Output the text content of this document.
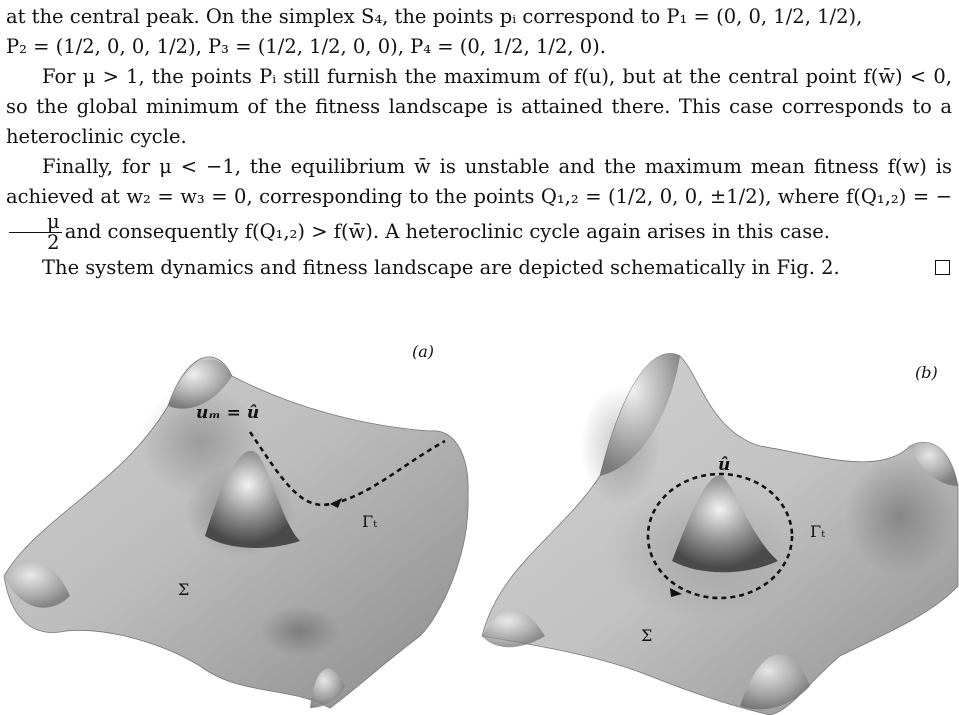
at the central peak. On the simplex S₄, the points pᵢ correspond to P₁ = (0, 0, 1/2, 1/2),
P₂ = (1/2, 0, 0, 1/2), P₃ = (1/2, 1/2, 0, 0), P₄ = (0, 1/2, 1/2, 0).

For μ > 1, the points Pᵢ still furnish the maximum of f(u), but at the central point f(w̄) < 0, so the global minimum of the fitness landscape is attained there. This case corresponds to a heteroclinic cycle.

Finally, for μ < −1, the equilibrium w̄ is unstable and the maximum mean fitness f(w) is achieved at w₂ = w₃ = 0, corresponding to the points Q₁,₂ = (1/2, 0, 0, ±1/2), where f(Q₁,₂) = −
$\frac{\mu}{2}$ and consequently f(Q₁,₂) > f(w̄). A heteroclinic cycle again arises in this case.

The system dynamics and fitness landscape are depicted schematically in Fig. 2.

(a)
uₘ = û
Γₜ
Σ
(b)
û
Γₜ
Σ
